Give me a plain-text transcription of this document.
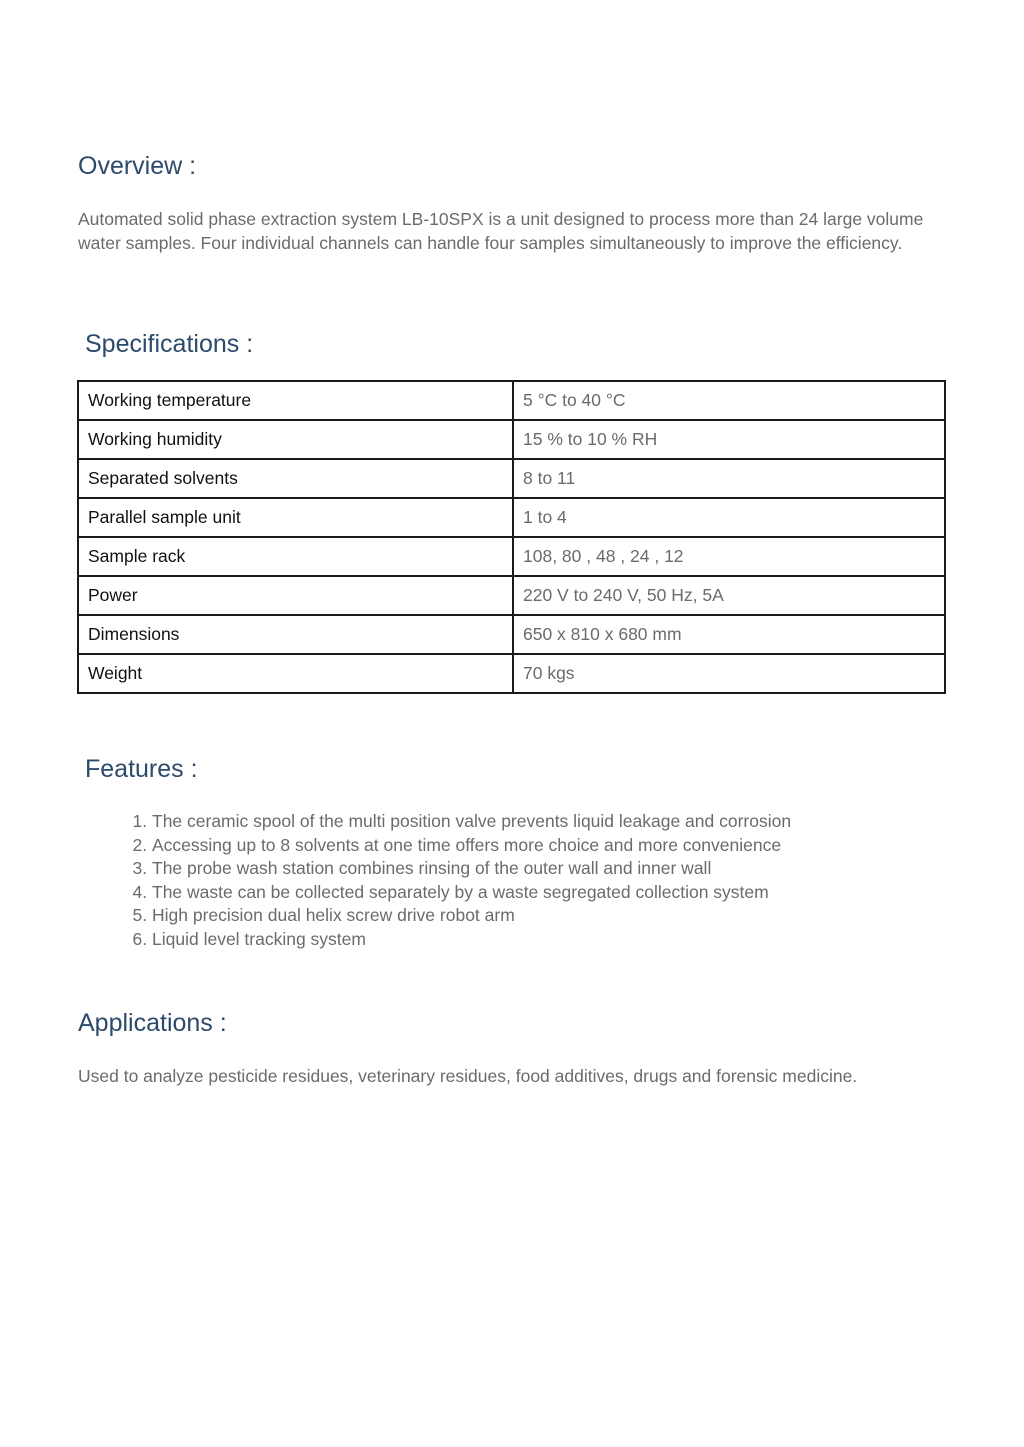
Overview :

Automated solid phase extraction system LB-10SPX is a unit designed to process more than 24 large volume water samples. Four individual channels can handle four samples simultaneously to improve the efficiency.

Specifications :
Working temperature	5 °C to 40 °C
Working humidity	15 % to 10 % RH
Separated solvents	8 to 11
Parallel sample unit	1 to 4
Sample rack	108, 80 , 48 , 24 , 12
Power	220 V to 240 V, 50 Hz, 5A
Dimensions	650 x 810 x 680 mm
Weight	70 kgs
Features :
1. The ceramic spool of the multi position valve prevents liquid leakage and corrosion
2. Accessing up to 8 solvents at one time offers more choice and more convenience
3. The probe wash station combines rinsing of the outer wall and inner wall
4. The waste can be collected separately by a waste segregated collection system
5. High precision dual helix screw drive robot arm
6. Liquid level tracking system
Applications :

Used to analyze pesticide residues, veterinary residues, food additives, drugs and forensic medicine.
